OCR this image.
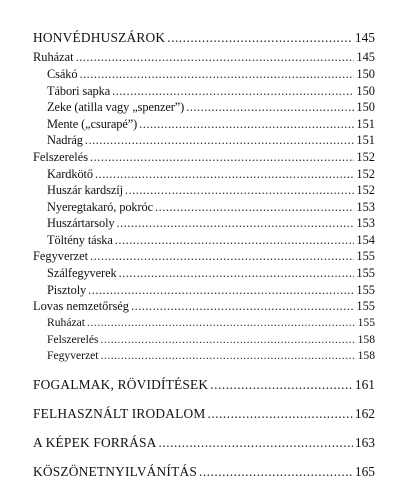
HONVÉDHUSZÁROK .....	145
Ruházat .....	145
Csákó .....	150
Tábori sapka .....	150
Zeke (atilla vagy „spenzer”) .....	150
Mente („csurapé”) .....	151
Nadrág .....	151
Felszerelés .....	152
Kardkötő .....	152
Huszár kardszíj .....	152
Nyeregtakaró, pokróc .....	153
Huszártarsoly .....	153
Töltény táska .....	154
Fegyverzet .....	155
Szálfegyverek .....	155
Pisztoly .....	155
Lovas nemzetőrség .....	155
Ruházat .....	155
Felszerelés .....	158
Fegyverzet .....	158
FOGALMAK, RÖVIDÍTÉSEK .....	161
FELHASZNÁLT IRODALOM .....	162
A KÉPEK FORRÁSA .....	163
KÖSZÖNETNYILVÁNÍTÁS .....	165
